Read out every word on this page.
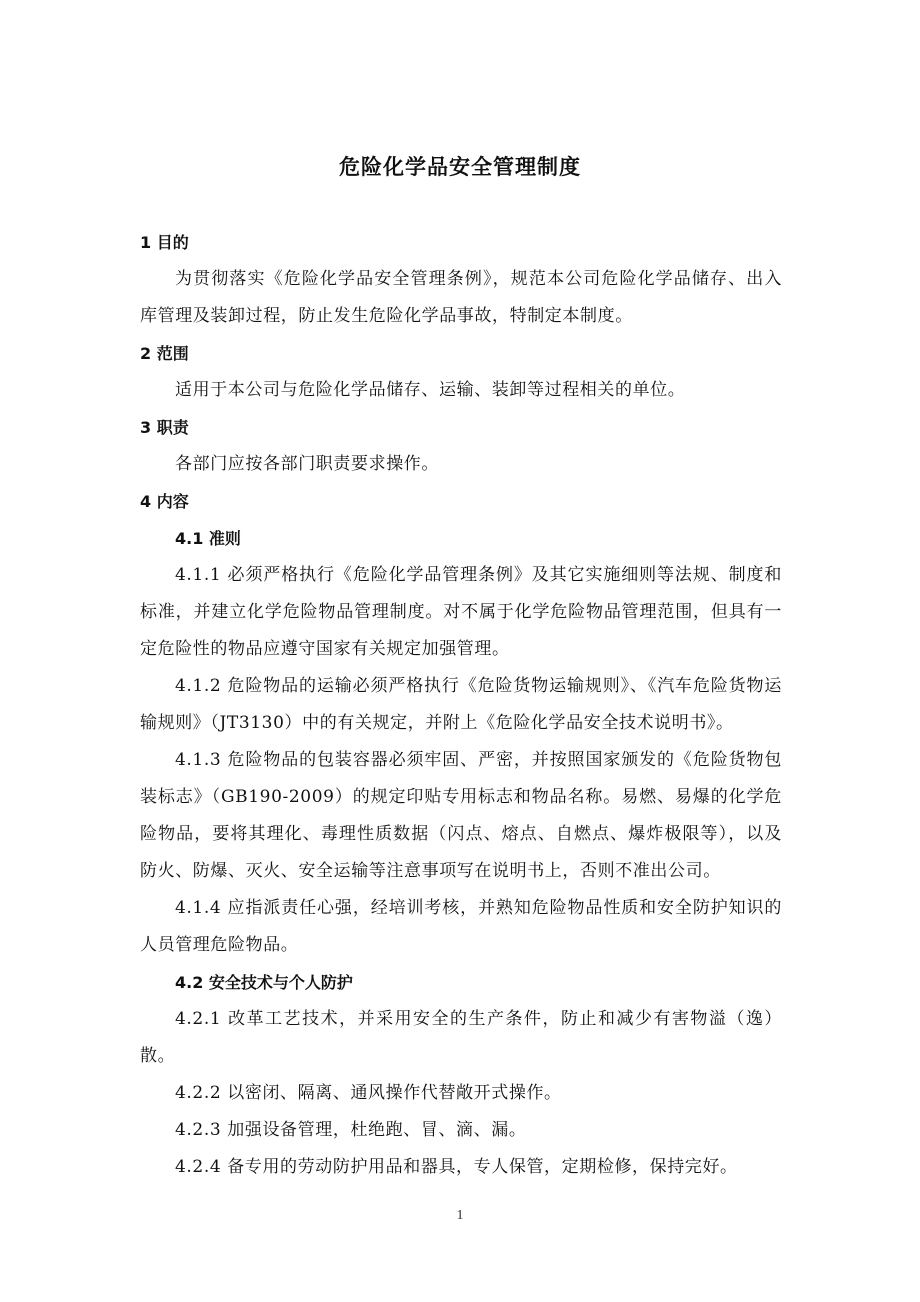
危险化学品安全管理制度
1 目的

为贯彻落实《危险化学品安全管理条例》，规范本公司危险化学品储存、出入库管理及装卸过程，防止发生危险化学品事故，特制定本制度。

2 范围

适用于本公司与危险化学品储存、运输、装卸等过程相关的单位。

3 职责

各部门应按各部门职责要求操作。

4 内容
4.1 准则

4.1.1 必须严格执行《危险化学品管理条例》及其它实施细则等法规、制度和标准，并建立化学危险物品管理制度。对不属于化学危险物品管理范围，但具有一定危险性的物品应遵守国家有关规定加强管理。

4.1.2 危险物品的运输必须严格执行《危险货物运输规则》、《汽车危险货物运输规则》（JT3130）中的有关规定，并附上《危险化学品安全技术说明书》。

4.1.3 危险物品的包装容器必须牢固、严密，并按照国家颁发的《危险货物包装标志》（GB190-2009）的规定印贴专用标志和物品名称。易燃、易爆的化学危险物品，要将其理化、毒理性质数据（闪点、熔点、自燃点、爆炸极限等），以及防火、防爆、灭火、安全运输等注意事项写在说明书上，否则不准出公司。

4.1.4 应指派责任心强，经培训考核，并熟知危险物品性质和安全防护知识的人员管理危险物品。

4.2 安全技术与个人防护

4.2.1 改革工艺技术，并采用安全的生产条件，防止和减少有害物溢（逸）散。

4.2.2 以密闭、隔离、通风操作代替敞开式操作。

4.2.3 加强设备管理，杜绝跑、冒、滴、漏。

4.2.4 备专用的劳动防护用品和器具，专人保管，定期检修，保持完好。

1
